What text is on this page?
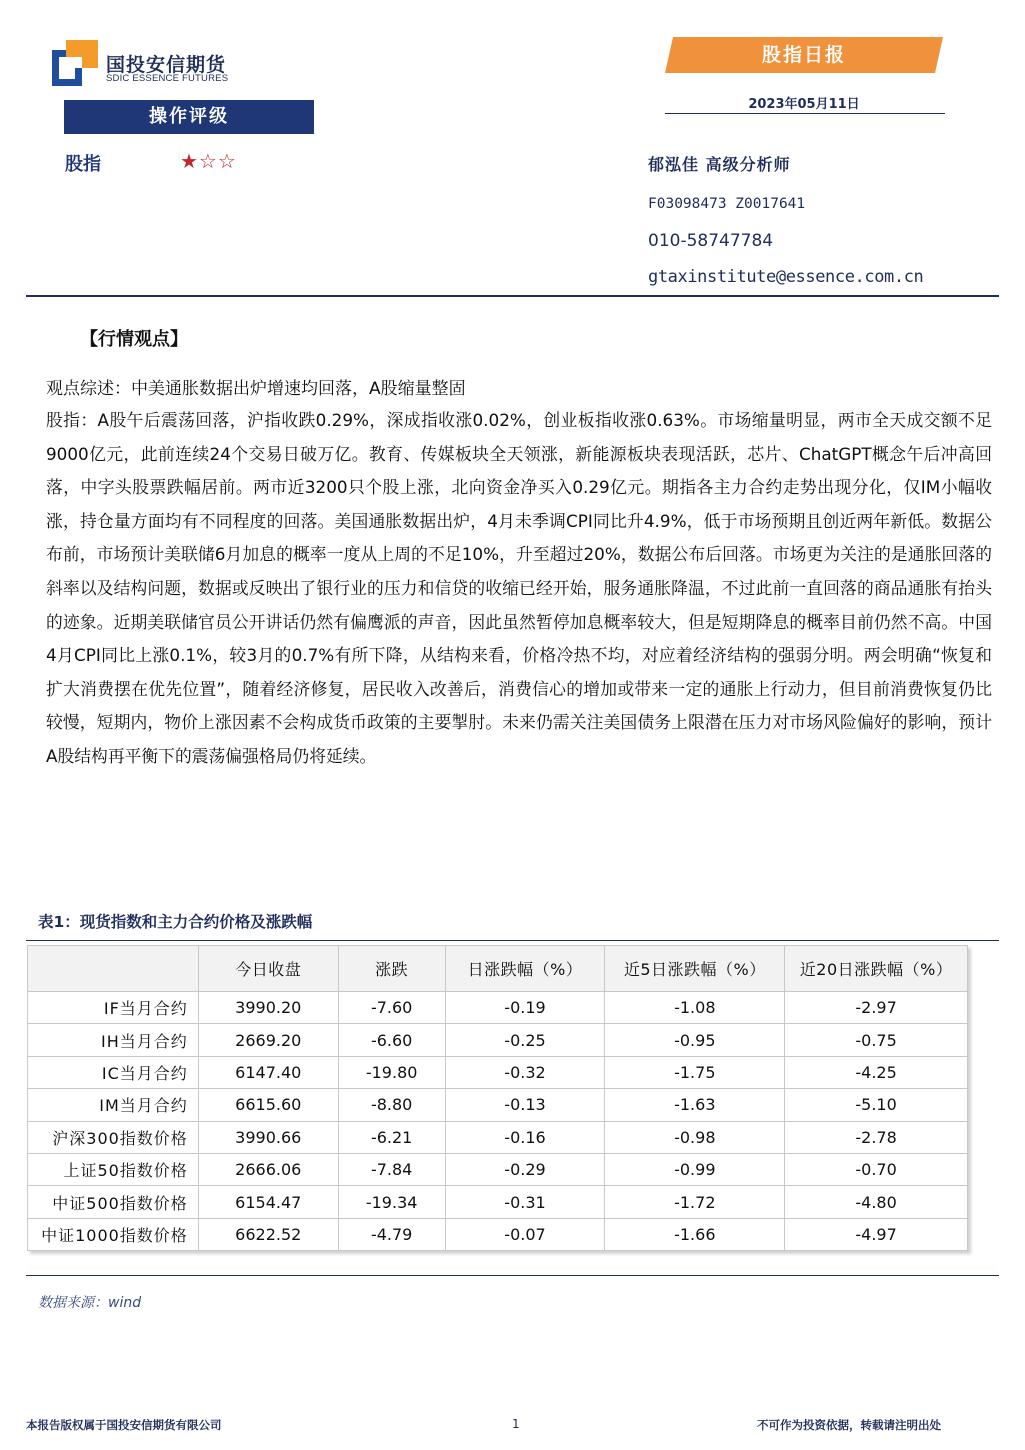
国投安信期货
SDIC ESSENCE FUTURES
股指日报
2023年05月11日
操作评级
股指	★☆☆	郁泓佳 高级分析师
F03098473 Z0017641
010-58747784
gtaxinstitute@essence.com.cn
【行情观点】
观点综述：中美通胀数据出炉增速均回落，A股缩量整固
股指：A股午后震荡回落，沪指收跌0.29%，深成指收涨0.02%，创业板指收涨0.63%。市场缩量明显，两市全天成交额不足9000亿元，此前连续24个交易日破万亿。教育、传媒板块全天领涨，新能源板块表现活跃，芯片、ChatGPT概念午后冲高回落，中字头股票跌幅居前。两市近3200只个股上涨，北向资金净买入0.29亿元。期指各主力合约走势出现分化，仅IM小幅收涨，持仓量方面均有不同程度的回落。美国通胀数据出炉，4月未季调CPI同比升4.9%，低于市场预期且创近两年新低。数据公布前，市场预计美联储6月加息的概率一度从上周的不足10%，升至超过20%，数据公布后回落。市场更为关注的是通胀回落的斜率以及结构问题，数据或反映出了银行业的压力和信贷的收缩已经开始，服务通胀降温，不过此前一直回落的商品通胀有抬头的迹象。近期美联储官员公开讲话仍然有偏鹰派的声音，因此虽然暂停加息概率较大，但是短期降息的概率目前仍然不高。中国4月CPI同比上涨0.1%，较3月的0.7%有所下降，从结构来看，价格冷热不均，对应着经济结构的强弱分明。两会明确“恢复和扩大消费摆在优先位置”，随着经济修复，居民收入改善后，消费信心的增加或带来一定的通胀上行动力，但目前消费恢复仍比较慢，短期内，物价上涨因素不会构成货币政策的主要掣肘。未来仍需关注美国债务上限潜在压力对市场风险偏好的影响，预计A股结构再平衡下的震荡偏强格局仍将延续。
表1：现货指数和主力合约价格及涨跌幅
	今日收盘	涨跌	日涨跌幅（%）	近5日涨跌幅（%）	近20日涨跌幅（%）
IF当月合约	3990.20	-7.60	-0.19	-1.08	-2.97
IH当月合约	2669.20	-6.60	-0.25	-0.95	-0.75
IC当月合约	6147.40	-19.80	-0.32	-1.75	-4.25
IM当月合约	6615.60	-8.80	-0.13	-1.63	-5.10
沪深300指数价格	3990.66	-6.21	-0.16	-0.98	-2.78
上证50指数价格	2666.06	-7.84	-0.29	-0.99	-0.70
中证500指数价格	6154.47	-19.34	-0.31	-1.72	-4.80
中证1000指数价格	6622.52	-4.79	-0.07	-1.66	-4.97
数据来源：wind
本报告版权属于国投安信期货有限公司	1	不可作为投资依据，转载请注明出处
